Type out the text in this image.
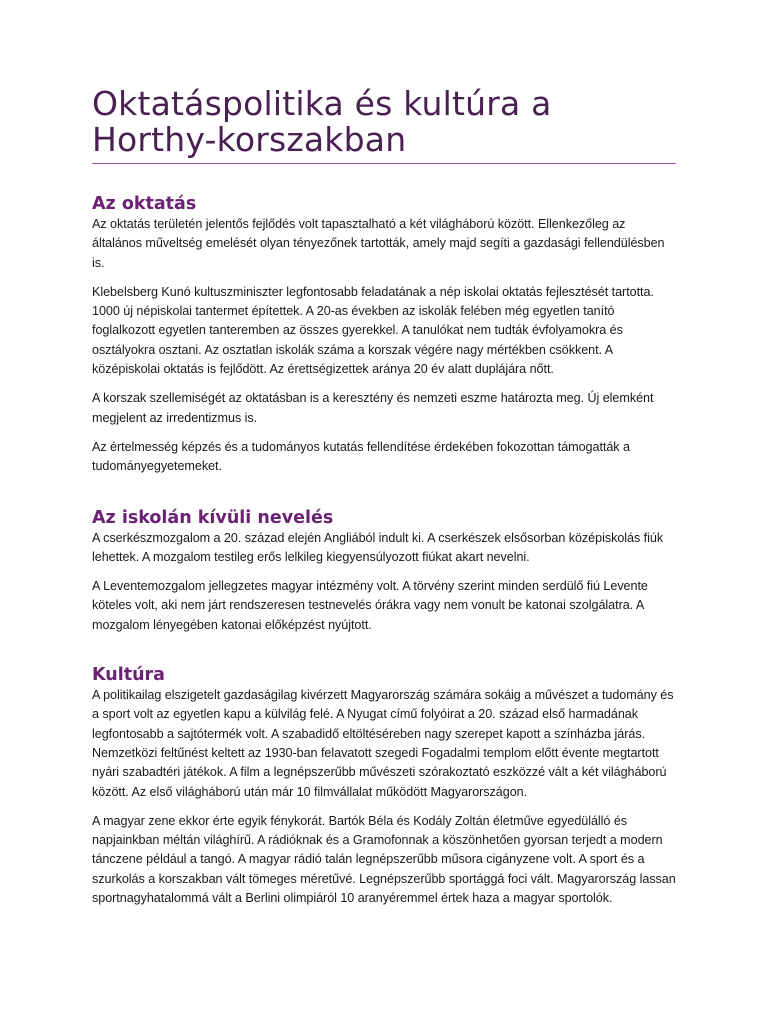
Oktatáspolitika és kultúra a Horthy-korszakban
Az oktatás

Az oktatás területén jelentős fejlődés volt tapasztalható a két világháború között. Ellenkezőleg az általános műveltség emelését olyan tényezőnek tartották, amely majd segíti a gazdasági fellendülésben is.

Klebelsberg Kunó kultuszminiszter legfontosabb feladatának a nép iskolai oktatás fejlesztését tartotta. 1000 új népiskolai tantermet építettek. A 20-as években az iskolák felében még egyetlen tanító foglalkozott egyetlen tanteremben az összes gyerekkel. A tanulókat nem tudták évfolyamokra és osztályokra osztani. Az osztatlan iskolák száma a korszak végére nagy mértékben csökkent. A középiskolai oktatás is fejlődött. Az érettségizettek aránya 20 év alatt duplájára nőtt.

A korszak szellemiségét az oktatásban is a keresztény és nemzeti eszme határozta meg. Új elemként megjelent az irredentizmus is.

Az értelmesség képzés és a tudományos kutatás fellendítése érdekében fokozottan támogatták a tudományegyetemeket.

Az iskolán kívüli nevelés

A cserkészmozgalom a 20. század elején Angliából indult ki. A cserkészek elsősorban középiskolás fiúk lehettek. A mozgalom testileg erős lelkileg kiegyensúlyozott fiúkat akart nevelni.

A Leventemozgalom jellegzetes magyar intézmény volt. A törvény szerint minden serdülő fiú Levente köteles volt, aki nem járt rendszeresen testnevelés órákra vagy nem vonult be katonai szolgálatra. A mozgalom lényegében katonai előképzést nyújtott.

Kultúra

A politikailag elszigetelt gazdaságilag kivérzett Magyarország számára sokáig a művészet a tudomány és a sport volt az egyetlen kapu a külvilág felé. A Nyugat című folyóirat a 20. század első harmadának legfontosabb a sajtótermék volt. A szabadidő eltöltéséreben nagy szerepet kapott a színházba járás. Nemzetközi feltűnést keltett az 1930-ban felavatott szegedi Fogadalmi templom előtt évente megtartott nyári szabadtéri játékok. A film a legnépszerűbb művészeti szórakoztató eszközzé vált a két világháború között. Az első világháború után már 10 filmvállalat működött Magyarországon.

A magyar zene ekkor érte egyik fénykorát. Bartók Béla és Kodály Zoltán életműve egyedülálló és napjainkban méltán világhírű. A rádióknak és a Gramofonnak a köszönhetően gyorsan terjedt a modern tánczene például a tangó. A magyar rádió talán legnépszerűbb műsora cigányzene volt. A sport és a szurkolás a korszakban vált tömeges méretűvé. Legnépszerűbb sportággá foci vált. Magyarország lassan sportnagyhatalommá vált a Berlini olimpiáról 10 aranyéremmel értek haza a magyar sportolók.
